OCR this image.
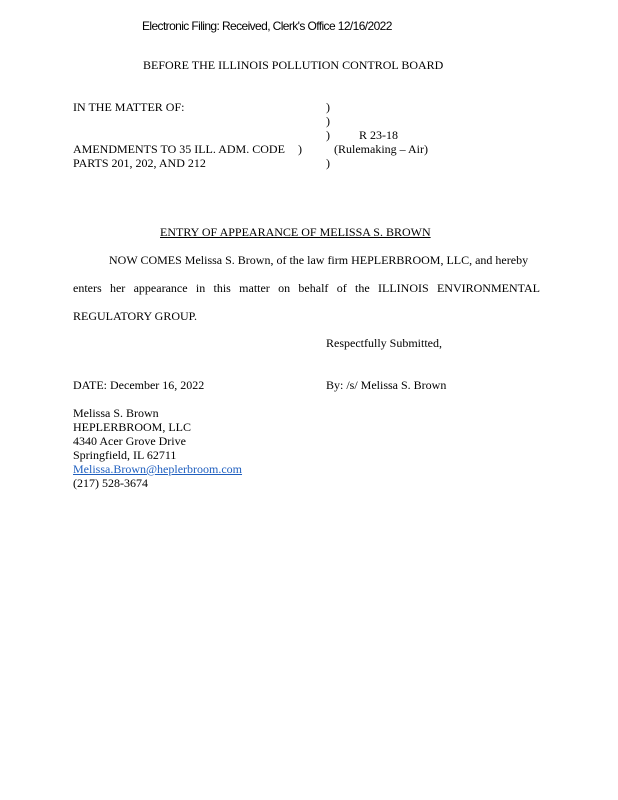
Electronic Filing: Received, Clerk's Office 12/16/2022
BEFORE THE ILLINOIS POLLUTION CONTROL BOARD
IN THE MATTER OF:	)
)
) R 23-18
AMENDMENTS TO 35 ILL. ADM. CODE )	(Rulemaking – Air)
PARTS 201, 202, AND 212	)
ENTRY OF APPEARANCE OF MELISSA S. BROWN
NOW COMES Melissa S. Brown, of the law firm HEPLERBROOM, LLC, and hereby
enters her appearance in this matter on behalf of the ILLINOIS ENVIRONMENTAL
REGULATORY GROUP.
Respectfully Submitted,
DATE: December 16, 2022	By: /s/ Melissa S. Brown
Melissa S. Brown
HEPLERBROOM, LLC
4340 Acer Grove Drive
Springfield, IL 62711
Melissa.Brown@heplerbroom.com
(217) 528-3674
